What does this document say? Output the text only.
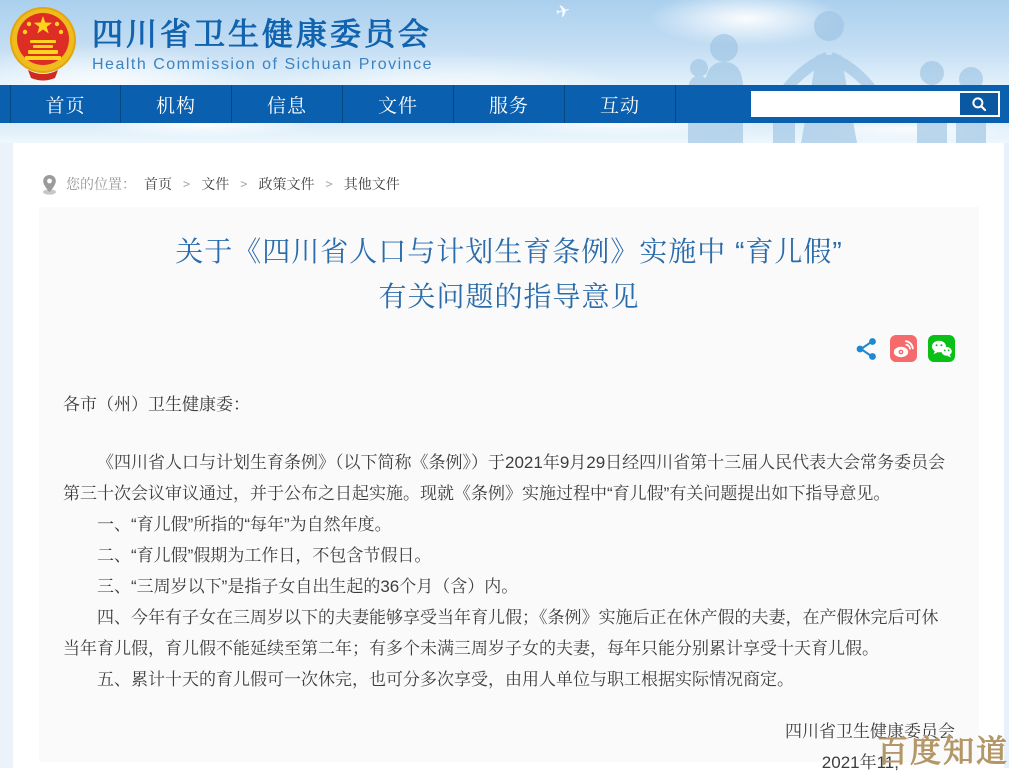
✈
四川省卫生健康委员会
Health Commission of Sichuan Province
首页	机构	信息	文件	服务	互动
您的位置： 首页 > 文件 > 政策文件 > 其他文件
关于《四川省人口与计划生育条例》实施中 “育儿假”
有关问题的指导意见

各市（州）卫生健康委：

《四川省人口与计划生育条例》（以下简称《条例》）于2021年9月29日经四川省第十三届人民代表大会常务委员会第三十次会议审议通过，并于公布之日起实施。现就《条例》实施过程中“育儿假”有关问题提出如下指导意见。

一、“育儿假”所指的“每年”为自然年度。

二、“育儿假”假期为工作日，不包含节假日。

三、“三周岁以下”是指子女自出生起的36个月（含）内。

四、今年有子女在三周岁以下的夫妻能够享受当年育儿假；《条例》实施后正在休产假的夫妻，在产假休完后可休当年育儿假，育儿假不能延续至第二年；有多个未满三周岁子女的夫妻，每年只能分别累计享受十天育儿假。

五、累计十天的育儿假可一次休完，也可分多次享受，由用人单位与职工根据实际情况商定。

四川省卫生健康委员会

2021年11,

百度知道
